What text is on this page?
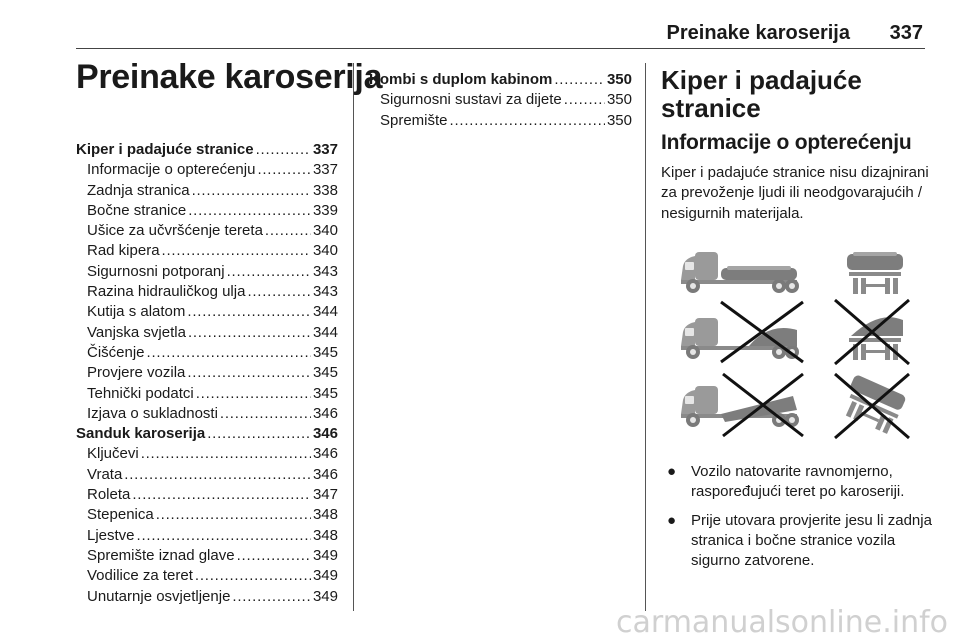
Preinake karoserija 337
Preinake karoserija
Kiper i padajuće stranice . . .	337
Informacije o opterećenju . . .	337
Zadnja stranica . . .	338
Bočne stranice . . .	339
Ušice za učvršćenje tereta . . .	340
Rad kipera . . .	340
Sigurnosni potporanj . . .	343
Razina hidrauličkog ulja . . .	343
Kutija s alatom . . .	344
Vanjska svjetla . . .	344
Čišćenje . . .	345
Provjere vozila . . .	345
Tehnički podatci . . .	345
Izjava o sukladnosti . . .	346
Sanduk karoserija . . .	346
Ključevi . . .	346
Vrata . . .	346
Roleta . . .	347
Stepenica . . .	348
Ljestve . . .	348
Spremište iznad glave . . .	349
Vodilice za teret . . .	349
Unutarnje osvjetljenje . . .	349
Kombi s duplom kabinom . . .	350
Sigurnosni sustavi za dijete . . .	350
Spremište . . .	350
Kiper i padajuće stranice
Informacije o opterećenju
Kiper i padajuće stranice nisu dizajnirani za prevoženje ljudi ili neodgovarajućih / nesigurnih materijala.
● Vozilo natovarite ravnomjerno, raspoređujući teret po karoseriji.
● Prije utovara provjerite jesu li zadnja stranica i bočne stranice vozila sigurno zatvorene.
carmanualsonline.info
